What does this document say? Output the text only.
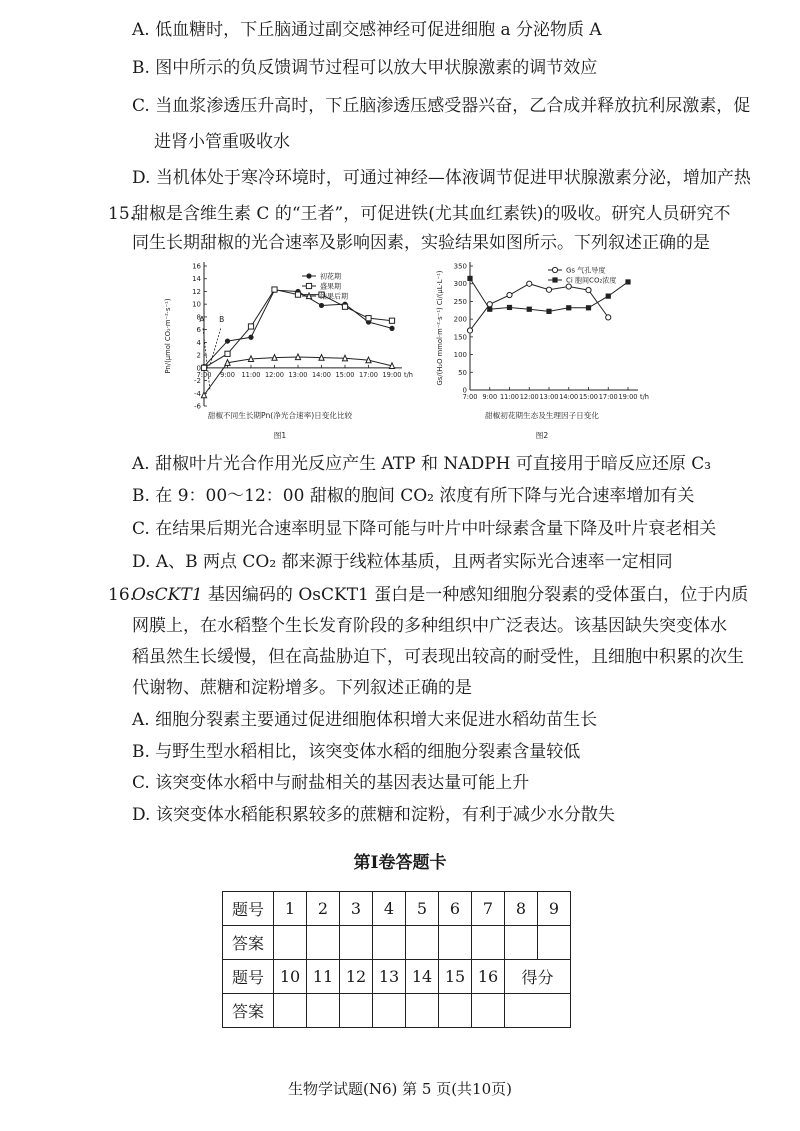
A. 低血糖时，下丘脑通过副交感神经可促进细胞 a 分泌物质 A
B. 图中所示的负反馈调节过程可以放大甲状腺激素的调节效应
C. 当血浆渗透压升高时，下丘脑渗透压感受器兴奋，乙合成并释放抗利尿激素，促
进肾小管重吸收水
D. 当机体处于寒冷环境时，可通过神经—体液调节促进甲状腺激素分泌，增加产热
15.
甜椒是含维生素 C 的“王者”，可促进铁(尤其血红素铁)的吸收。研究人员研究不
同生长期甜椒的光合速率及影响因素，实验结果如图所示。下列叙述正确的是
-6
-4
-2
0
2
4
6
8
10
12
14
16
7:00 9:00 11:00 12:00 13:00 14:00 15:00 17:00 19:00 t/h
Pn/(μmol CO₂·m⁻²·s⁻¹)
初花期
盛果期
结果后期
甜椒不同生长期Pn(净光合速率)日变化比较
图1
A B
0
50
100
150
200
250
300
350
7:00 9:00 11:00 12:00 13:00 14:00 15:00 17:00 19:00 t/h
Gs/(H₂O mmol·m⁻²·s⁻¹) Ci/(μL·L⁻¹)
Gs 气孔导度
Ci 胞间CO₂浓度
甜椒初花期生态及生理因子日变化
图2
A. 甜椒叶片光合作用光反应产生 ATP 和 NADPH 可直接用于暗反应还原 C₃
B. 在 9：00～12：00 甜椒的胞间 CO₂ 浓度有所下降与光合速率增加有关
C. 在结果后期光合速率明显下降可能与叶片中叶绿素含量下降及叶片衰老相关
D. A、B 两点 CO₂ 都来源于线粒体基质，且两者实际光合速率一定相同
16.
OsCKT1 基因编码的 OsCKT1 蛋白是一种感知细胞分裂素的受体蛋白，位于内质
网膜上，在水稻整个生长发育阶段的多种组织中广泛表达。该基因缺失突变体水
稻虽然生长缓慢，但在高盐胁迫下，可表现出较高的耐受性，且细胞中积累的次生
代谢物、蔗糖和淀粉增多。下列叙述正确的是
A. 细胞分裂素主要通过促进细胞体积增大来促进水稻幼苗生长
B. 与野生型水稻相比，该突变体水稻的细胞分裂素含量较低
C. 该突变体水稻中与耐盐相关的基因表达量可能上升
D. 该突变体水稻能积累较多的蔗糖和淀粉，有利于减少水分散失
第Ⅰ卷答题卡
题号	1	2	3	4	5	6	7	8	9
答案									
题号	10	11	12	13	14	15	16	得分	
答案									
生物学试题(N6) 第 5 页(共10页)
